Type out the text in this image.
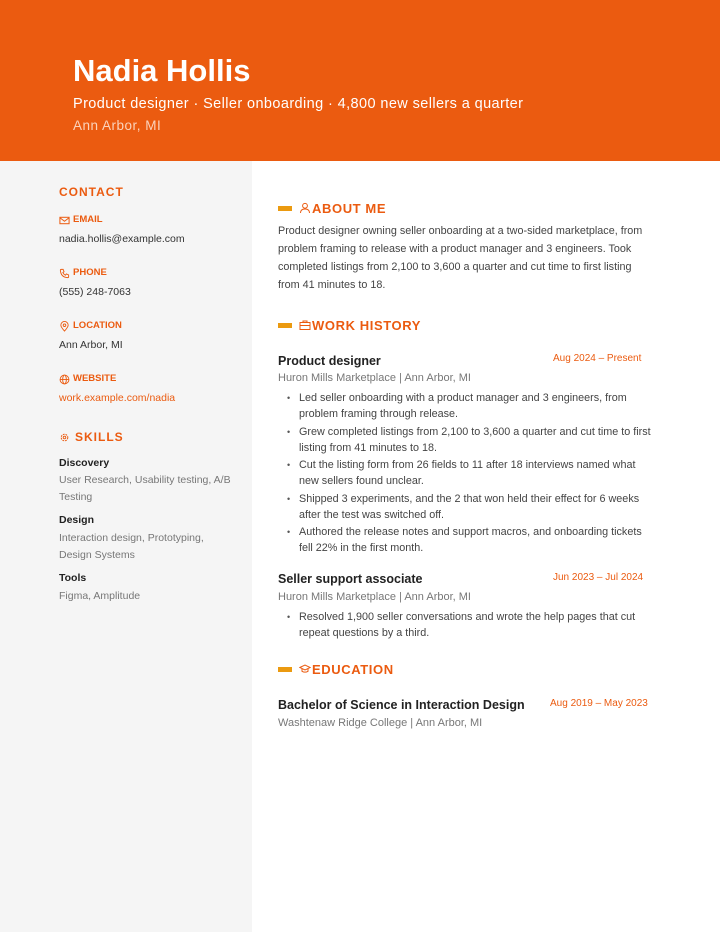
Nadia Hollis
Product designer · Seller onboarding · 4,800 new sellers a quarter
Ann Arbor, MI
CONTACT
EMAIL
nadia.hollis@example.com
PHONE
(555) 248-7063
LOCATION
Ann Arbor, MI
WEBSITE
work.example.com/nadia
SKILLS
Discovery
User Research, Usability testing, A/B Testing
Design
Interaction design, Prototyping, Design Systems
Tools
Figma, Amplitude
ABOUT ME
Product designer owning seller onboarding at a two-sided marketplace, from problem framing to release with a product manager and 3 engineers. Took completed listings from 2,100 to 3,600 a quarter and cut time to first listing from 41 minutes to 18.
WORK HISTORY
Product designer	Aug 2024 – Present
Huron Mills Marketplace | Ann Arbor, MI
• Led seller onboarding with a product manager and 3 engineers, from problem framing through release.
• Grew completed listings from 2,100 to 3,600 a quarter and cut time to first listing from 41 minutes to 18.
• Cut the listing form from 26 fields to 11 after 18 interviews named what new sellers found unclear.
• Shipped 3 experiments, and the 2 that won held their effect for 6 weeks after the test was switched off.
• Authored the release notes and support macros, and onboarding tickets fell 22% in the first month.
Seller support associate	Jun 2023 – Jul 2024
Huron Mills Marketplace | Ann Arbor, MI
• Resolved 1,900 seller conversations and wrote the help pages that cut repeat questions by a third.
EDUCATION
Bachelor of Science in Interaction Design	Aug 2019 – May 2023
Washtenaw Ridge College | Ann Arbor, MI
